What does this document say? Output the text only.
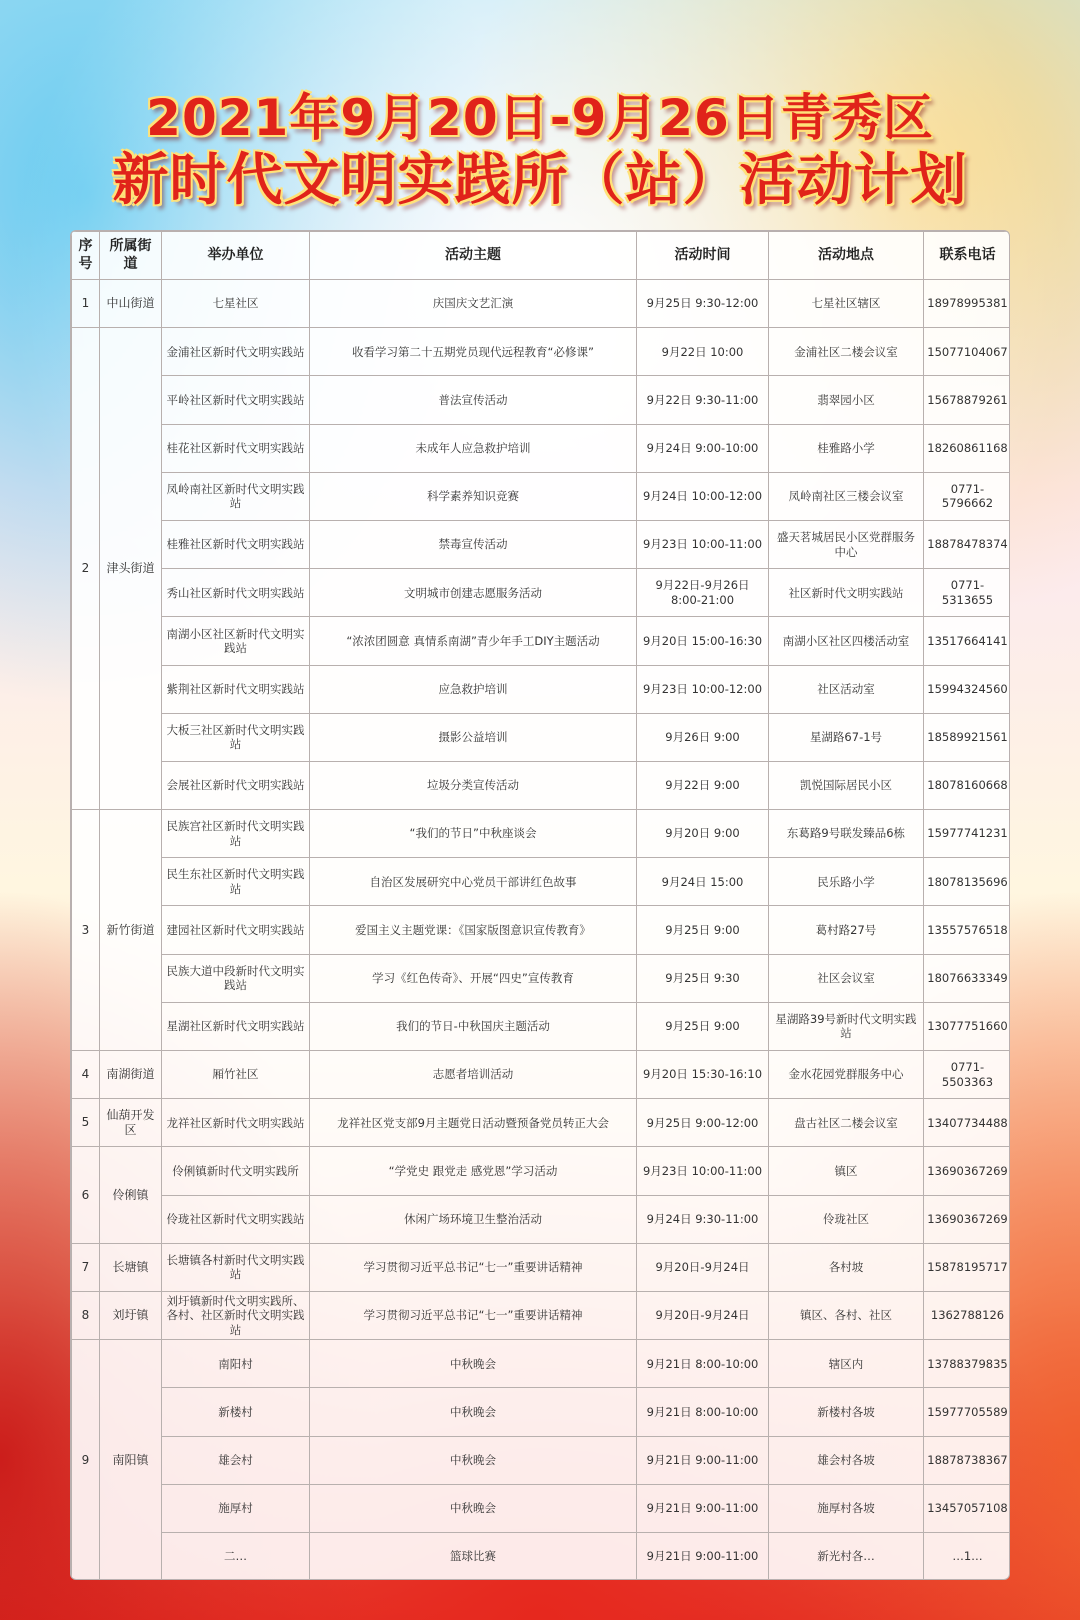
2021年9月20日-9月26日青秀区
新时代文明实践所（站）活动计划
序号	所属街道	举办单位	活动主题	活动时间	活动地点	联系电话
1	中山街道	七星社区	庆国庆文艺汇演	9月25日 9:30-12:00	七星社区辖区	18978995381
2	津头街道	金浦社区新时代文明实践站	收看学习第二十五期党员现代远程教育“必修课”	9月22日 10:00	金浦社区二楼会议室	15077104067
		平岭社区新时代文明实践站	普法宣传活动	9月22日 9:30-11:00	翡翠园小区	15678879261
		桂花社区新时代文明实践站	未成年人应急救护培训	9月24日 9:00-10:00	桂雅路小学	18260861168
		凤岭南社区新时代文明实践站	科学素养知识竞赛	9月24日 10:00-12:00	凤岭南社区三楼会议室	0771-5796662
		桂雅社区新时代文明实践站	禁毒宣传活动	9月23日 10:00-11:00	盛天茗城居民小区党群服务中心	18878478374
		秀山社区新时代文明实践站	文明城市创建志愿服务活动	9月22日-9月26日 8:00-21:00	社区新时代文明实践站	0771-5313655
		南湖小区社区新时代文明实践站	“浓浓团圆意 真情系南湖”青少年手工DIY主题活动	9月20日 15:00-16:30	南湖小区社区四楼活动室	13517664141
		紫荆社区新时代文明实践站	应急救护培训	9月23日 10:00-12:00	社区活动室	15994324560
		大板三社区新时代文明实践站	摄影公益培训	9月26日 9:00	星湖路67-1号	18589921561
		会展社区新时代文明实践站	垃圾分类宣传活动	9月22日 9:00	凯悦国际居民小区	18078160668
3	新竹街道	民族宫社区新时代文明实践站	“我们的节日”中秋座谈会	9月20日 9:00	东葛路9号联发臻品6栋	15977741231
		民生东社区新时代文明实践站	自治区发展研究中心党员干部讲红色故事	9月24日 15:00	民乐路小学	18078135696
		建园社区新时代文明实践站	爱国主义主题党课：《国家版图意识宣传教育》	9月25日 9:00	葛村路27号	13557576518
		民族大道中段新时代文明实践站	学习《红色传奇》、开展“四史”宣传教育	9月25日 9:30	社区会议室	18076633349
		星湖社区新时代文明实践站	我们的节日-中秋国庆主题活动	9月25日 9:00	星湖路39号新时代文明实践站	13077751660
4	南湖街道	厢竹社区	志愿者培训活动	9月20日 15:30-16:10	金水花园党群服务中心	0771-5503363
5	仙葫开发区	龙祥社区新时代文明实践站	龙祥社区党支部9月主题党日活动暨预备党员转正大会	9月25日 9:00-12:00	盘古社区二楼会议室	13407734488
6	伶俐镇	伶俐镇新时代文明实践所	“学党史 跟党走 感党恩”学习活动	9月23日 10:00-11:00	镇区	13690367269
		伶珑社区新时代文明实践站	休闲广场环境卫生整治活动	9月24日 9:30-11:00	伶珑社区	13690367269
7	长塘镇	长塘镇各村新时代文明实践站	学习贯彻习近平总书记“七一”重要讲话精神	9月20日-9月24日	各村坡	15878195717
8	刘圩镇	刘圩镇新时代文明实践所、各村、社区新时代文明实践站	学习贯彻习近平总书记“七一”重要讲话精神	9月20日-9月24日	镇区、各村、社区	1362788126
9	南阳镇	南阳村	中秋晚会	9月21日 8:00-10:00	辖区内	13788379835
		新楼村	中秋晚会	9月21日 8:00-10:00	新楼村各坡	15977705589
		雄会村	中秋晚会	9月21日 9:00-11:00	雄会村各坡	18878738367
		施厚村	中秋晚会	9月21日 9:00-11:00	施厚村各坡	13457057108
		二…	篮球比赛	9月21日 9:00-11:00	新光村各…	…1…
